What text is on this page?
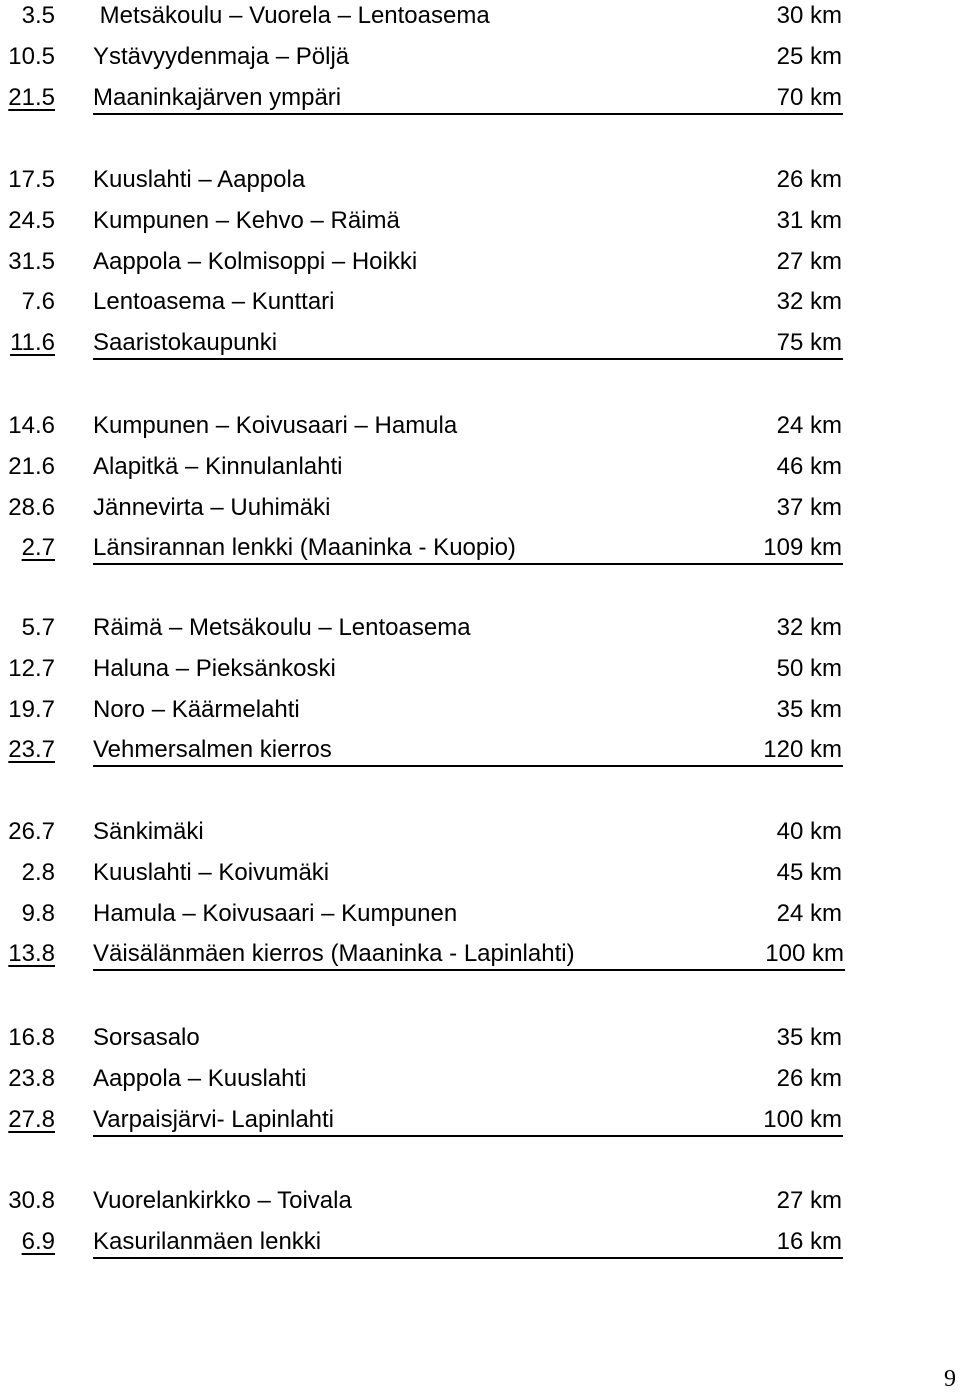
3.5 Metsäkoulu – Vuorela – Lentoasema	30 km
10.5 Ystävyydenmaja – Pöljä	25 km
21.5 Maaninkajärven ympäri	70 km
17.5 Kuuslahti – Aappola	26 km
24.5 Kumpunen – Kehvo – Räimä	31 km
31.5 Aappola – Kolmisoppi – Hoikki	27 km
7.6 Lentoasema – Kunttari	32 km
11.6 Saaristokaupunki	75 km
14.6 Kumpunen – Koivusaari – Hamula	24 km
21.6 Alapitkä – Kinnulanlahti	46 km
28.6 Jännevirta – Uuhimäki	37 km
2.7 Länsirannan lenkki (Maaninka - Kuopio)	109 km
5.7 Räimä – Metsäkoulu – Lentoasema	32 km
12.7 Haluna – Pieksänkoski	50 km
19.7 Noro – Käärmelahti	35 km
23.7 Vehmersalmen kierros	120 km
26.7 Sänkimäki	40 km
2.8 Kuuslahti – Koivumäki	45 km
9.8 Hamula – Koivusaari – Kumpunen	24 km
13.8 Väisälänmäen kierros (Maaninka - Lapinlahti)	100 km
16.8 Sorsasalo	35 km
23.8 Aappola – Kuuslahti	26 km
27.8 Varpaisjärvi- Lapinlahti	100 km
30.8 Vuorelankirkko – Toivala	27 km
6.9 Kasurilanmäen lenkki	16 km
9
